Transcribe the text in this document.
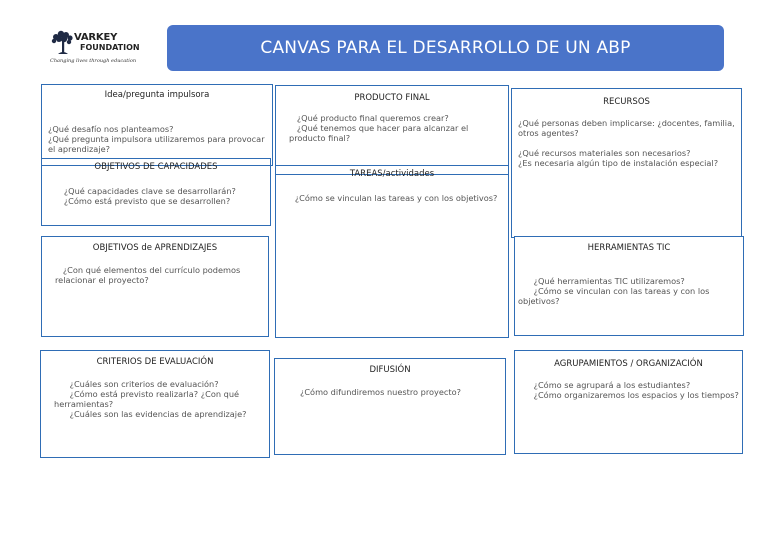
VARKEY
FOUNDATION
Changing lives through education
CANVAS PARA EL DESARROLLO DE UN ABP
Idea/pregunta impulsora
¿Qué desafío nos planteamos?
¿Qué pregunta impulsora utilizaremos para provocar el aprendizaje?
OBJETIVOS DE CAPACIDADES
¿Qué capacidades clave se desarrollarán?
¿Cómo está previsto que se desarrollen?
PRODUCTO FINAL
¿Qué producto final queremos crear?
¿Qué tenemos que hacer para alcanzar el producto final?
TAREAS/actividades
¿Cómo se vinculan las tareas y con los objetivos?
RECURSOS
¿Qué personas deben implicarse: ¿docentes, familia, otros agentes?

¿Qué recursos materiales son necesarios?
¿Es necesaria algún tipo de instalación especial?
OBJETIVOS de APRENDIZAJES
¿Con qué elementos del currículo podemos relacionar el proyecto?
HERRAMIENTAS TIC
¿Qué herramientas TIC utilizaremos?
¿Cómo se vinculan con las tareas y con los objetivos?
CRITERIOS DE EVALUACIÓN
¿Cuáles son criterios de evaluación?
¿Cómo está previsto realizarla? ¿Con qué herramientas?
¿Cuáles son las evidencias de aprendizaje?
DIFUSIÓN
¿Cómo difundiremos nuestro proyecto?
AGRUPAMIENTOS / ORGANIZACIÓN
¿Cómo se agrupará a los estudiantes?
¿Cómo organizaremos los espacios y los tiempos?
